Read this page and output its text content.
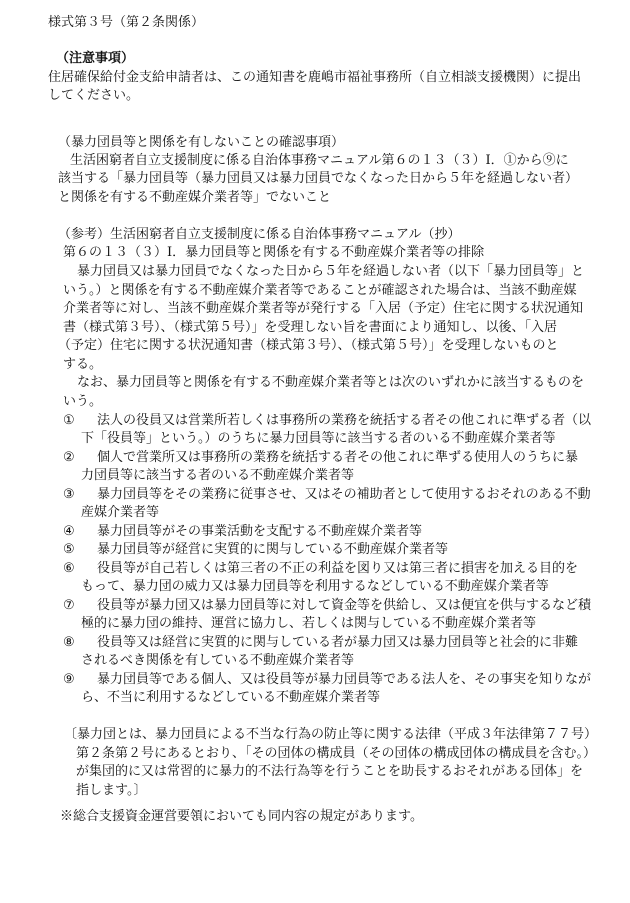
様式第３号（第２条関係）
（注意事項）
住居確保給付金支給申請者は、この通知書を鹿嶋市福祉事務所（自立相談支援機関）に提出
してください。
（暴力団員等と関係を有しないことの確認事項）
生活困窮者自立支援制度に係る自治体事務マニュアル第６の１３（３）Ⅰ．①から⑨に
該当する「暴力団員等（暴力団員又は暴力団員でなくなった日から５年を経過しない者）
と関係を有する不動産媒介業者等」でないこと
（参考）生活困窮者自立支援制度に係る自治体事務マニュアル（抄）
第６の１３（３）Ⅰ．暴力団員等と関係を有する不動産媒介業者等の排除
暴力団員又は暴力団員でなくなった日から５年を経過しない者（以下「暴力団員等」と
いう。）と関係を有する不動産媒介業者等であることが確認された場合は、当該不動産媒
介業者等に対し、当該不動産媒介業者等が発行する「入居（予定）住宅に関する状況通知
書（様式第３号）、（様式第５号）」を受理しない旨を書面により通知し、以後、「入居
（予定）住宅に関する状況通知書（様式第３号）、（様式第５号）」を受理しないものと
する。
なお、暴力団員等と関係を有する不動産媒介業者等とは次のいずれかに該当するものを
いう。
① 法人の役員又は営業所若しくは事務所の業務を統括する者その他これに準ずる者（以
下「役員等」という。）のうちに暴力団員等に該当する者のいる不動産媒介業者等
② 個人で営業所又は事務所の業務を統括する者その他これに準ずる使用人のうちに暴
力団員等に該当する者のいる不動産媒介業者等
③ 暴力団員等をその業務に従事させ、又はその補助者として使用するおそれのある不動
産媒介業者等
④ 暴力団員等がその事業活動を支配する不動産媒介業者等
⑤ 暴力団員等が経営に実質的に関与している不動産媒介業者等
⑥ 役員等が自己若しくは第三者の不正の利益を図り又は第三者に損害を加える目的を
もって、暴力団の威力又は暴力団員等を利用するなどしている不動産媒介業者等
⑦ 役員等が暴力団又は暴力団員等に対して資金等を供給し、又は便宜を供与するなど積
極的に暴力団の維持、運営に協力し、若しくは関与している不動産媒介業者等
⑧ 役員等又は経営に実質的に関与している者が暴力団又は暴力団員等と社会的に非難
されるべき関係を有している不動産媒介業者等
⑨ 暴力団員等である個人、又は役員等が暴力団員等である法人を、その事実を知りなが
ら、不当に利用するなどしている不動産媒介業者等
〔暴力団とは、暴力団員による不当な行為の防止等に関する法律（平成３年法律第７７号）
第２条第２号にあるとおり、「その団体の構成員（その団体の構成団体の構成員を含む。）
が集団的に又は常習的に暴力的不法行為等を行うことを助長するおそれがある団体」を
指します。〕
※総合支援資金運営要領においても同内容の規定があります。
